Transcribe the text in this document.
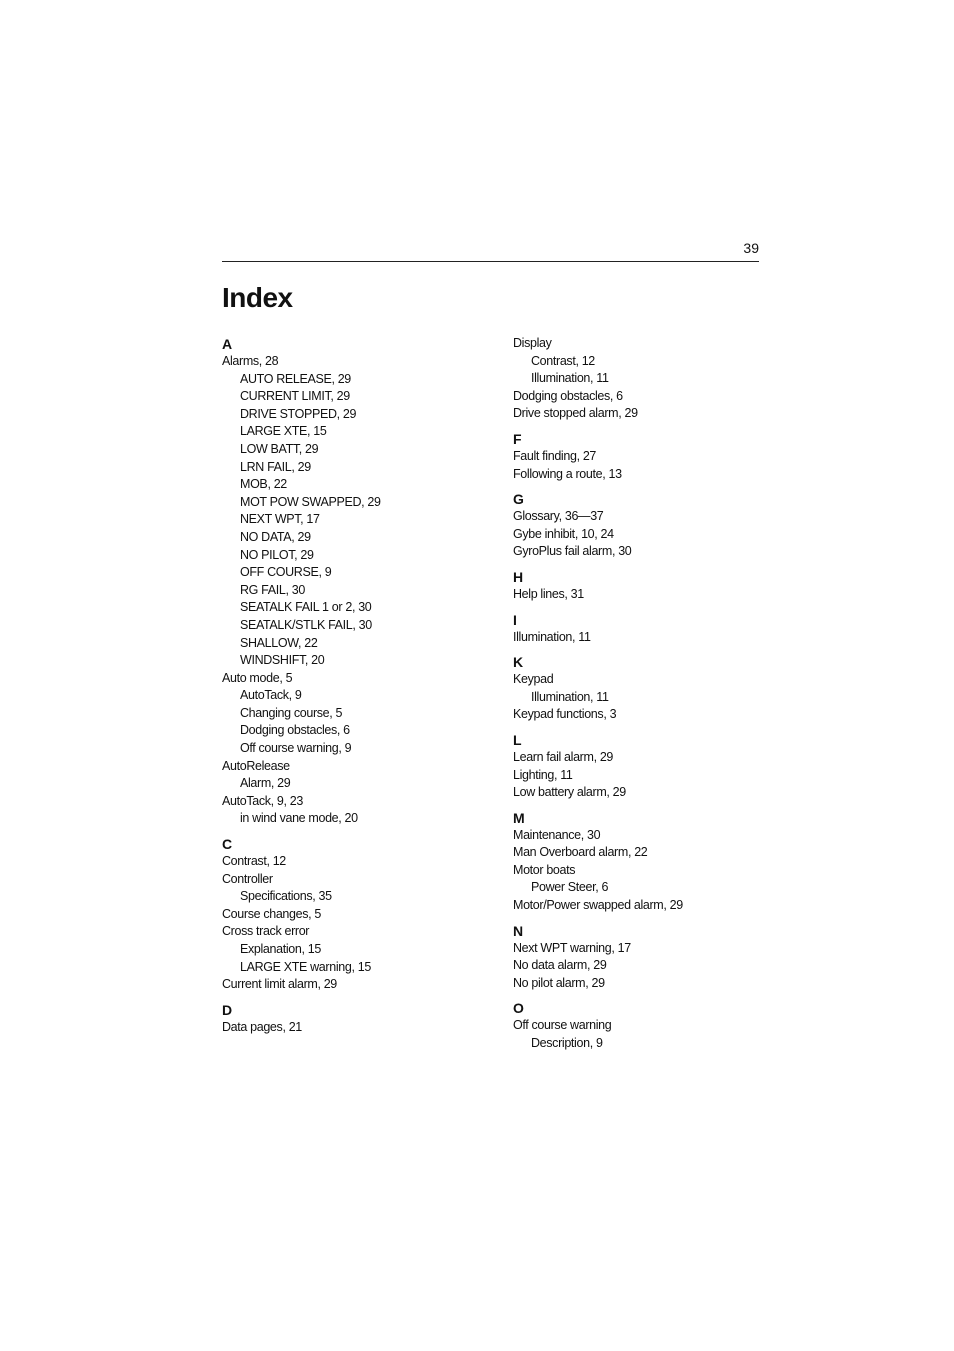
39
Index
A
Alarms , 28
AUTO RELEASE , 29
CURRENT LIMIT , 29
DRIVE STOPPED , 29
LARGE XTE , 15
LOW BATT , 29
LRN FAIL , 29
MOB , 22
MOT POW SWAPPED , 29
NEXT WPT , 17
NO DATA , 29
NO PILOT , 29
OFF COURSE , 9
RG FAIL , 30
SEATALK FAIL 1 or 2 , 30
SEATALK/STLK FAIL , 30
SHALLOW , 22
WINDSHIFT , 20
Auto mode , 5
AutoTack , 9
Changing course , 5
Dodging obstacles , 6
Off course warning , 9
AutoRelease
Alarm , 29
AutoTack , 9, 23
in wind vane mode , 20
C
Contrast , 12
Controller
Specifications , 35
Course changes , 5
Cross track error
Explanation , 15
LARGE XTE warning , 15
Current limit alarm , 29
D
Data pages , 21
Display
Contrast , 12
Illumination , 11
Dodging obstacles , 6
Drive stopped alarm , 29
F
Fault finding , 27
Following a route , 13
G
Glossary , 36—37
Gybe inhibit , 10, 24
GyroPlus fail alarm , 30
H
Help lines , 31
I
Illumination , 11
K
Keypad
Illumination , 11
Keypad functions , 3
L
Learn fail alarm , 29
Lighting , 11
Low battery alarm , 29
M
Maintenance , 30
Man Overboard alarm , 22
Motor boats
Power Steer , 6
Motor/Power swapped alarm , 29
N
Next WPT warning , 17
No data alarm , 29
No pilot alarm , 29
O
Off course warning
Description , 9
